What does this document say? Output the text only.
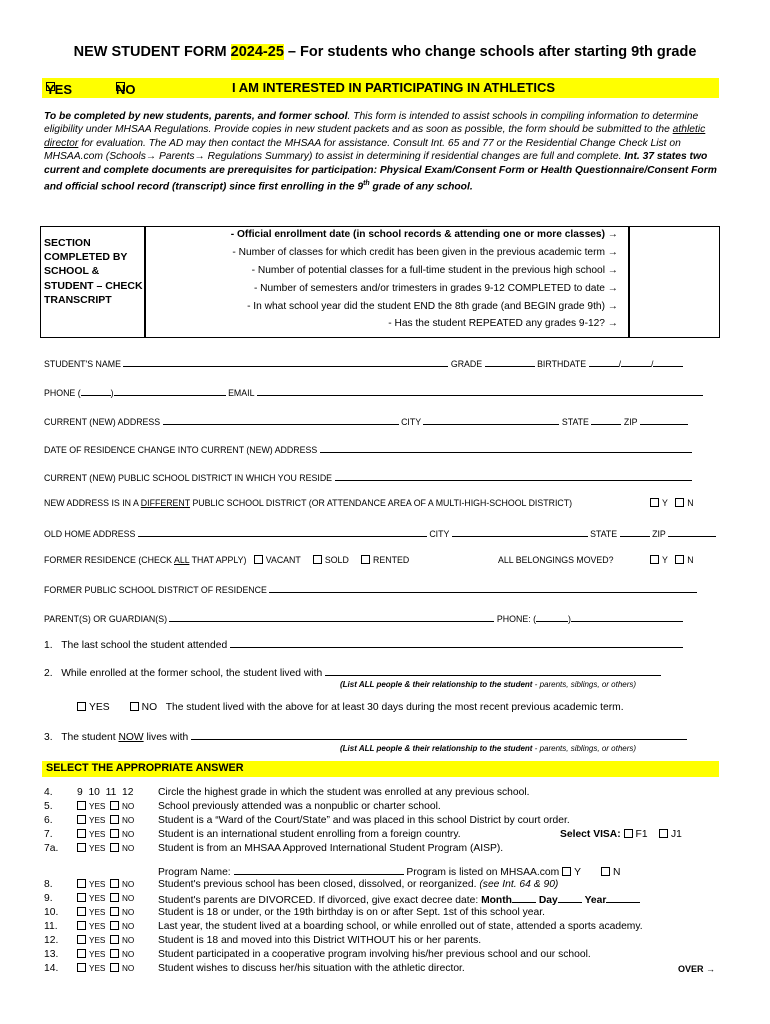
NEW STUDENT FORM 2024-25 – For students who change schools after starting 9th grade
YES	NO	I AM INTERESTED IN PARTICIPATING IN ATHLETICS
To be completed by new students, parents, and former school. This form is intended to assist schools in compiling information to determine eligibility under MHSAA Regulations. Provide copies in new student packets and as soon as possible, the form should be submitted to the athletic director for evaluation. The AD may then contact the MHSAA for assistance. Consult Int. 65 and 77 or the Residential Change Check List on MHSAA.com (Schools→ Parents→ Regulations Summary) to assist in determining if residential changes are full and complete. Int. 37 states two current and complete documents are prerequisites for participation: Physical Exam/Consent Form or Health Questionnaire/Consent Form and official school record (transcript) since first enrolling in the 9th grade of any school.
SECTION COMPLETED BY SCHOOL & STUDENT – CHECK TRANSCRIPT
- Official enrollment date (in school records & attending one or more classes) →
- Number of classes for which credit has been given in the previous academic term →
- Number of potential classes for a full-time student in the previous high school →
- Number of semesters and/or trimesters in grades 9-12 COMPLETED to date →
- In what school year did the student END the 8th grade (and BEGIN grade 9th) →
- Has the student REPEATED any grades 9-12? →
STUDENT'S NAME	GRADE	BIRTHDATE	/	/
PHONE (	)	EMAIL
CURRENT (NEW) ADDRESS	CITY	STATE	ZIP
DATE OF RESIDENCE CHANGE INTO CURRENT (NEW) ADDRESS
CURRENT (NEW) PUBLIC SCHOOL DISTRICT IN WHICH YOU RESIDE
NEW ADDRESS IS IN A DIFFERENT PUBLIC SCHOOL DISTRICT (OR ATTENDANCE AREA OF A MULTI-HIGH-SCHOOL DISTRICT)	Y N
OLD HOME ADDRESS	CITY	STATE	ZIP
FORMER RESIDENCE (CHECK ALL THAT APPLY) VACANT	SOLD	RENTED	ALL BELONGINGS MOVED?	Y N
FORMER PUBLIC SCHOOL DISTRICT OF RESIDENCE
PARENT(S) OR GUARDIAN(S)	PHONE: (	)
1. The last school the student attended
2. While enrolled at the former school, the student lived with
(List ALL people & their relationship to the student - parents, siblings, or others)
YES	NO The student lived with the above for at least 30 days during the most recent previous academic term.
3. The student NOW lives with
(List ALL people & their relationship to the student - parents, siblings, or others)
SELECT THE APPROPRIATE ANSWER
4.	9  10  11  12 Circle the highest grade in which the student was enrolled at any previous school.
5.	YES NO School previously attended was a nonpublic or charter school.
6.	YES NO Student is a “Ward of the Court/State” and was placed in this school District by court order.
7.	YES NO Student is an international student enrolling from a foreign country.	Select VISA: F1 J1
7a.	YES NO Student is from an MHSAA Approved International Student Program (AISP).
Program Name:	Program is listed on MHSAA.com Y	N
8.	YES NO Student's previous school has been closed, dissolved, or reorganized. (see Int. 64 & 90)
9.	YES NO Student's parents are DIVORCED. If divorced, give exact decree date: Month	Day	Year
10.	YES NO Student is 18 or under, or the 19th birthday is on or after Sept. 1st of this school year.
11.	YES NO Last year, the student lived at a boarding school, or while enrolled out of state, attended a sports academy.
12.	YES NO Student is 18 and moved into this District WITHOUT his or her parents.
13.	YES NO Student participated in a cooperative program involving his/her previous school and our school.
14.	YES NO Student wishes to discuss her/his situation with the athletic director.	OVER →
